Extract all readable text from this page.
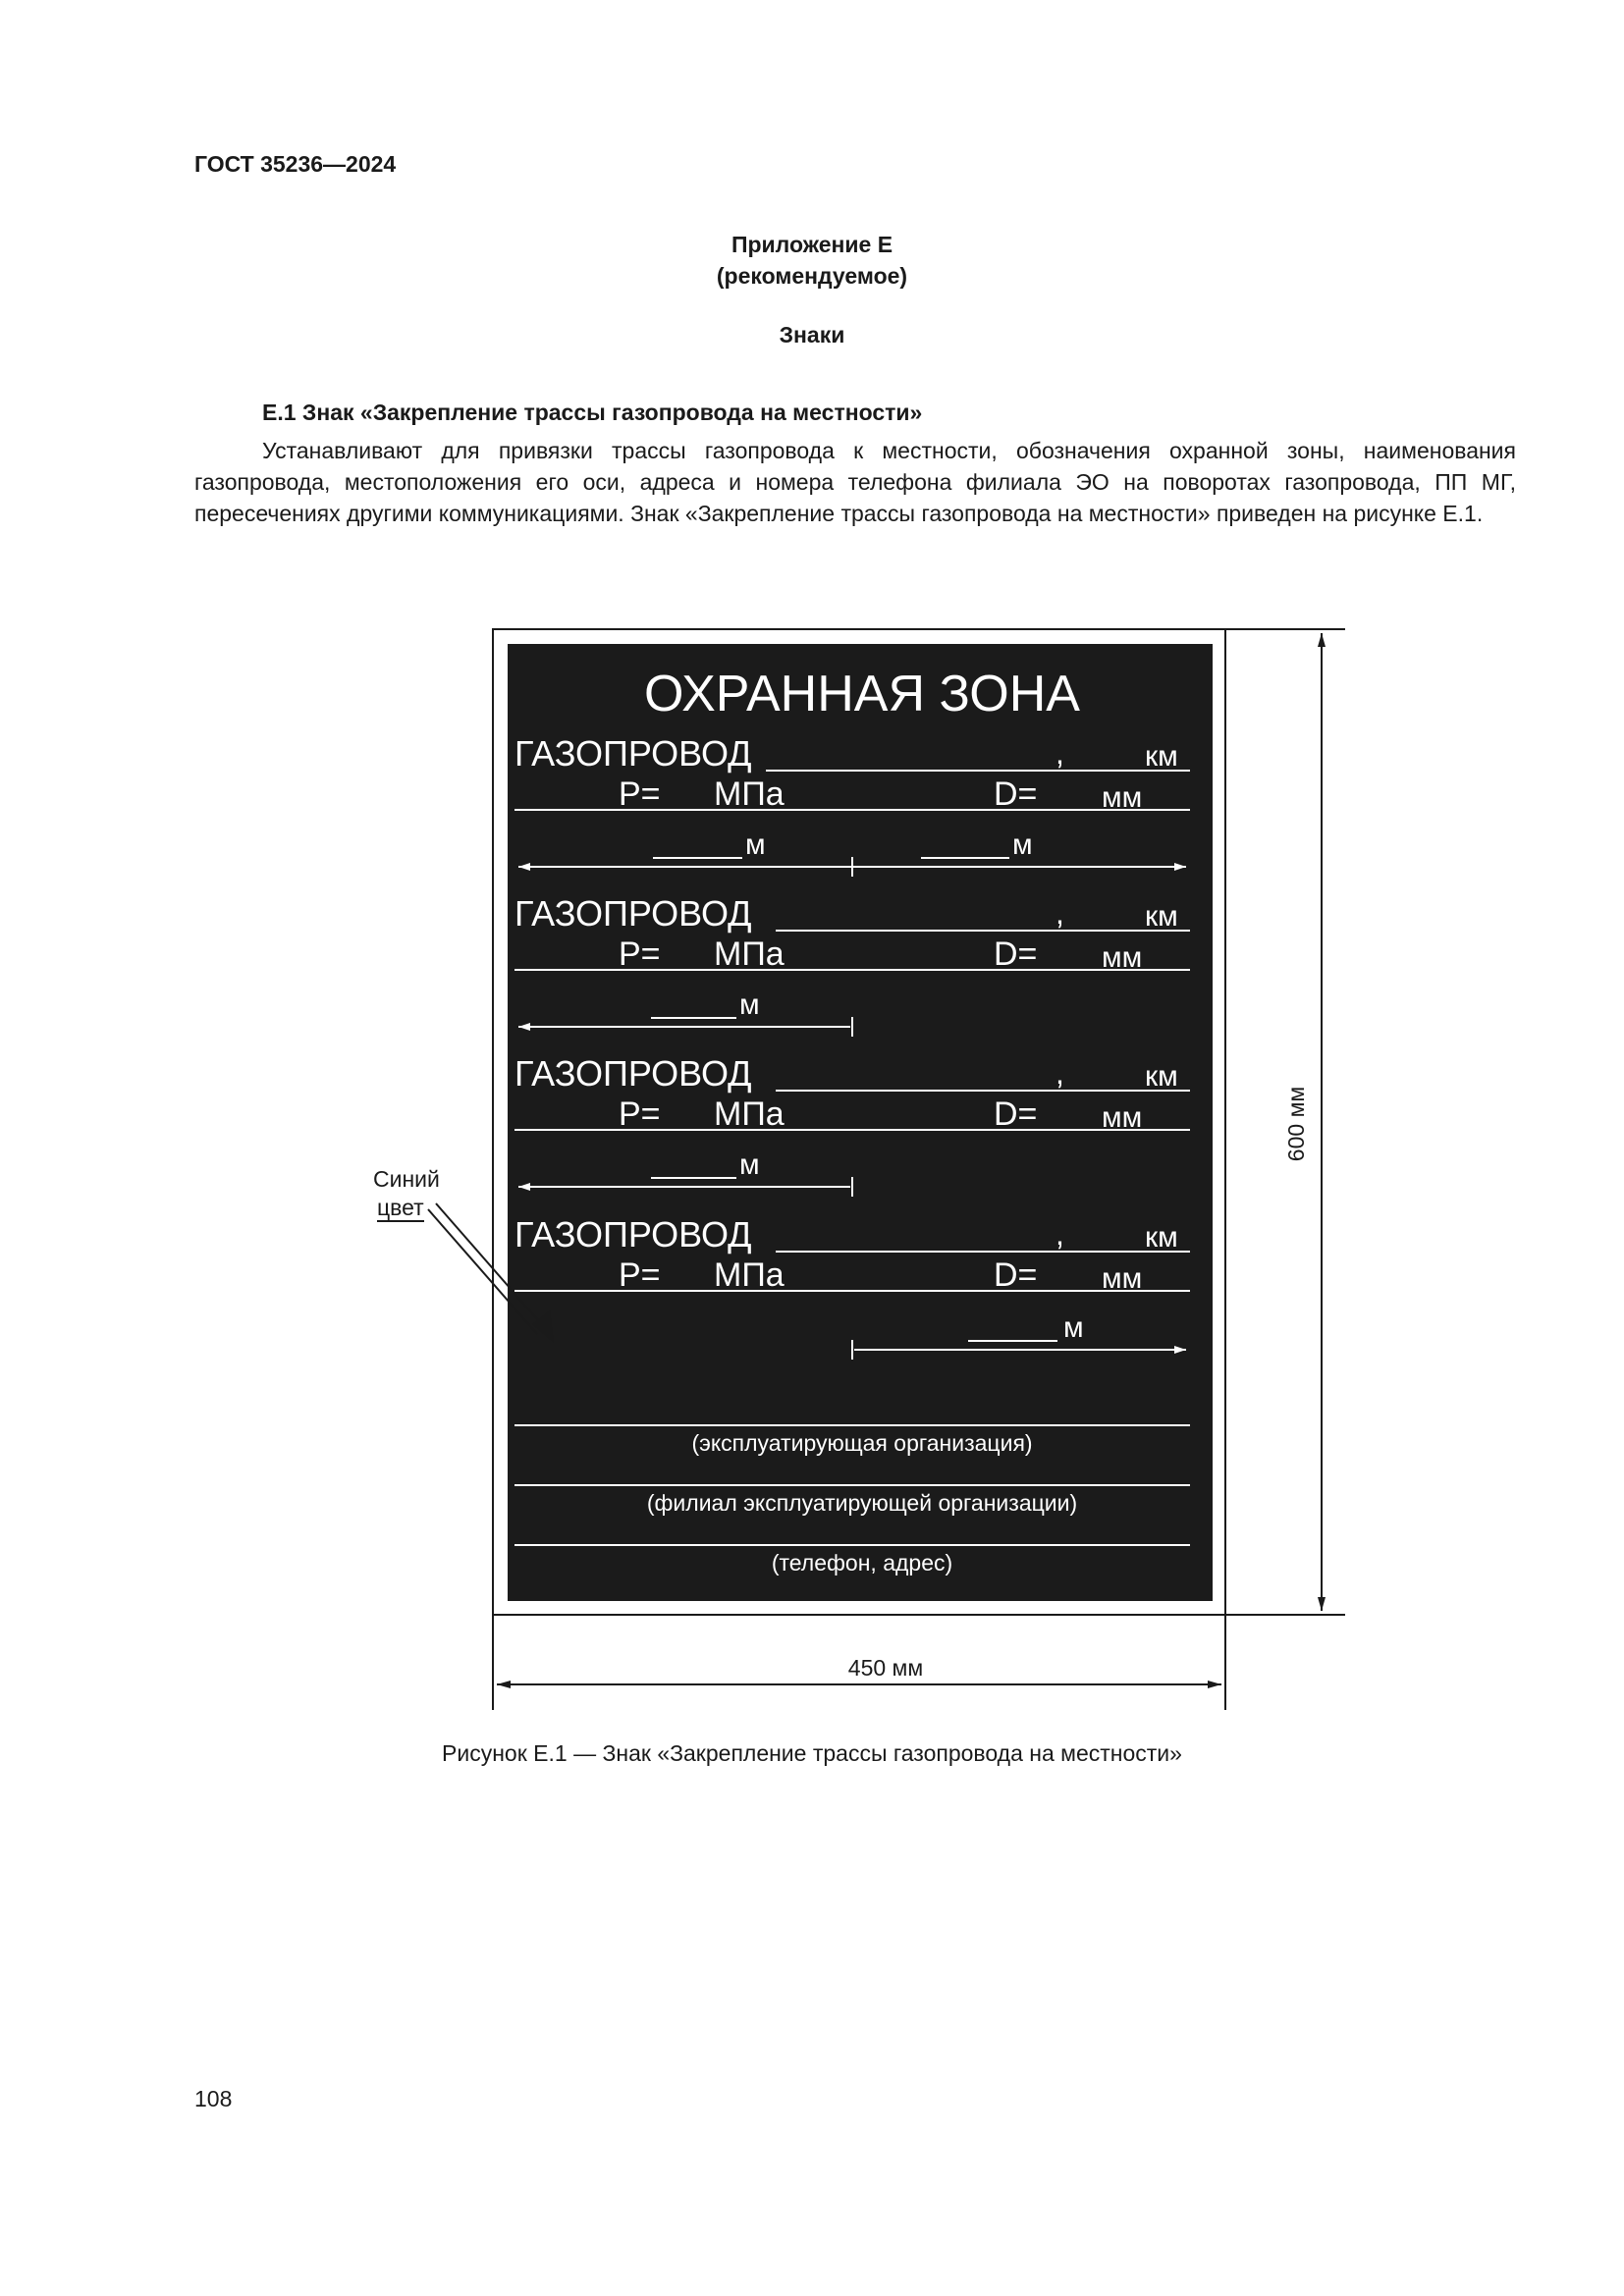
ГОСТ 35236—2024
Приложение Е
(рекомендуемое)
Знаки
Е.1 Знак «Закрепление трассы газопровода на местности»
Устанавливают для привязки трассы газопровода к местности, обозначения охранной зоны, наименования газопровода, местоположения его оси, адреса и номера телефона филиала ЭО на поворотах газопровода, ПП МГ, пересечениях другими коммуникациями. Знак «Закрепление трассы газопровода на местности» приведен на рисунке Е.1.
ОХРАННАЯ ЗОНА
ГАЗОПРОВОД	,	км
Р= МПа	D= мм
м	м
ГАЗОПРОВОД	,	км
Р= МПа	D= мм
м
ГАЗОПРОВОД	,	км
Р= МПа	D= мм
м
ГАЗОПРОВОД	,	км
Р= МПа	D= мм
м
(эксплуатирующая организация)
(филиал эксплуатирующей организации)
(телефон, адрес)
Синий
цвет
600 мм
450 мм
Рисунок Е.1 — Знак «Закрепление трассы газопровода на местности»
108
